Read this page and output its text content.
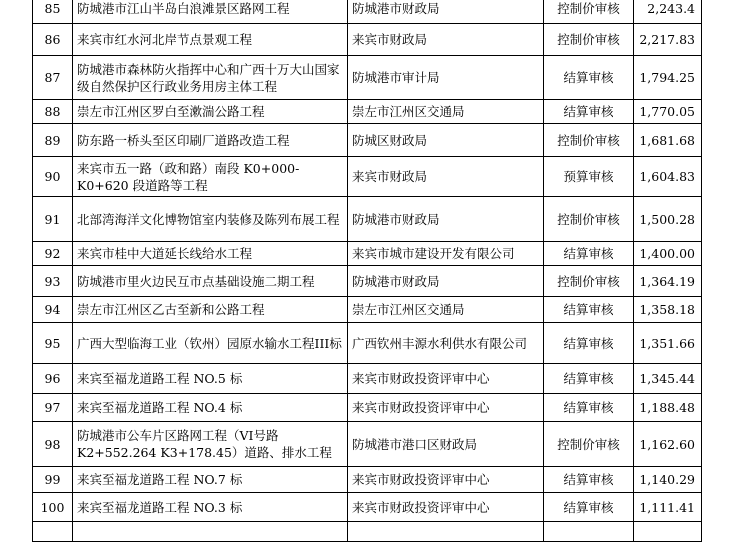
85	防城港市江山半岛白浪滩景区路网工程	防城港市财政局	控制价审核	2,243.4
86	来宾市红水河北岸节点景观工程	来宾市财政局	控制价审核	2,217.83
87	防城港市森林防火指挥中心和广西十万大山国家级自然保护区行政业务用房主体工程	防城港市审计局	结算审核	1,794.25
88	崇左市江州区罗白至漱湍公路工程	崇左市江州区交通局	结算审核	1,770.05
89	防东路一桥头至区印刷厂道路改造工程	防城区财政局	控制价审核	1,681.68
90	来宾市五一路（政和路）南段 K0+000-K0+620 段道路等工程	来宾市财政局	预算审核	1,604.83
91	北部湾海洋文化博物馆室内装修及陈列布展工程	防城港市财政局	控制价审核	1,500.28
92	来宾市桂中大道延长线给水工程	来宾市城市建设开发有限公司	结算审核	1,400.00
93	防城港市里火边民互市点基础设施二期工程	防城港市财政局	控制价审核	1,364.19
94	崇左市江州区乙古至新和公路工程	崇左市江州区交通局	结算审核	1,358.18
95	广西大型临海工业（钦州）园原水输水工程III标	广西钦州丰源水利供水有限公司	结算审核	1,351.66
96	来宾至福龙道路工程 NO.5 标	来宾市财政投资评审中心	结算审核	1,345.44
97	来宾至福龙道路工程 NO.4 标	来宾市财政投资评审中心	结算审核	1,188.48
98	防城港市公车片区路网工程（VI号路 K2+552.264 K3+178.45）道路、排水工程	防城港市港口区财政局	控制价审核	1,162.60
99	来宾至福龙道路工程 NO.7 标	来宾市财政投资评审中心	结算审核	1,140.29
100	来宾至福龙道路工程 NO.3 标	来宾市财政投资评审中心	结算审核	1,111.41
